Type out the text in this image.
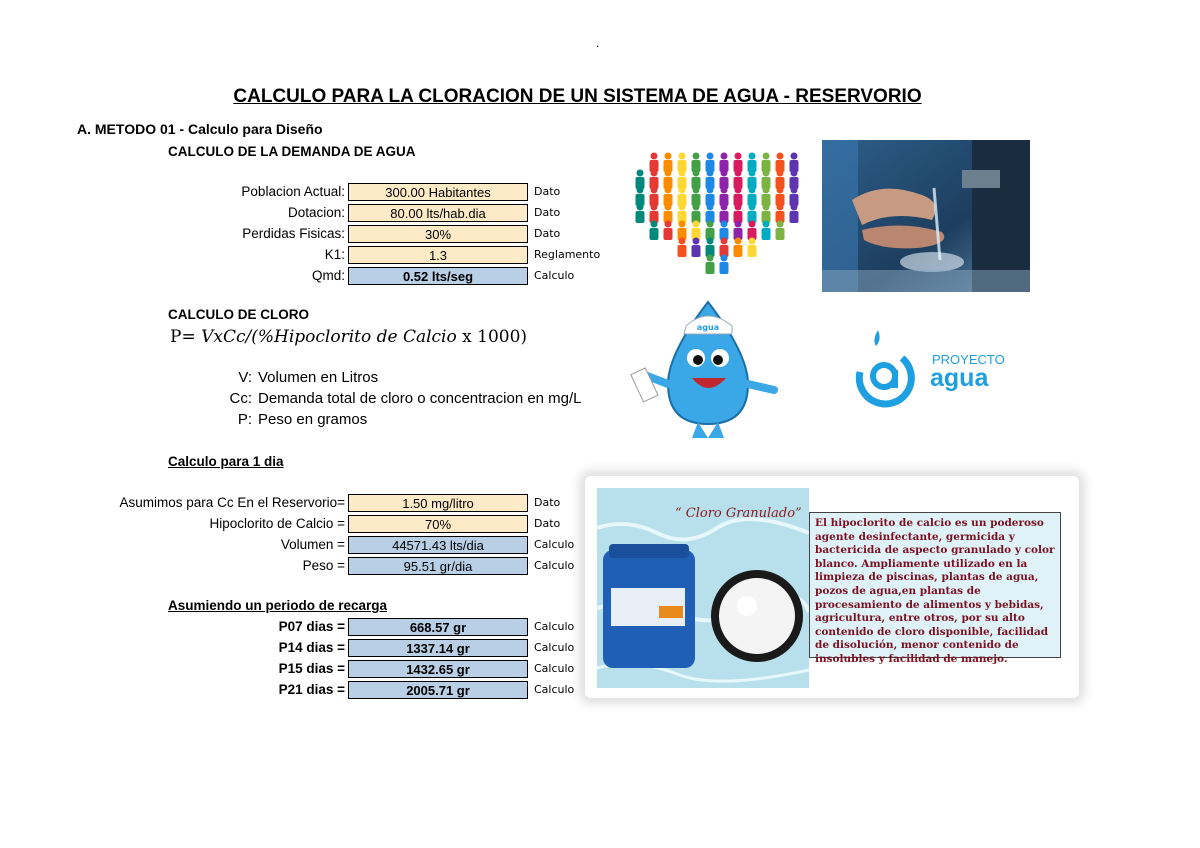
.
CALCULO PARA LA CLORACION DE UN SISTEMA DE AGUA - RESERVORIO
A. METODO 01 - Calculo para Diseño
CALCULO DE LA DEMANDA DE AGUA
Poblacion Actual:	300.00 Habitantes	Dato
Dotacion:	80.00 lts/hab.dia	Dato
Perdidas Fisicas:	30%	Dato
K1:	1.3	Reglamento
Qmd:	0.52 lts/seg	Calculo
CALCULO DE CLORO
P= VxCc/(%Hipoclorito de Calcio x 1000)
V: Volumen en Litros
Cc: Demanda total de cloro o concentracion en mg/L
P: Peso en gramos
Calculo para 1 dia
Asumimos para Cc En el Reservorio=	1.50 mg/litro	Dato
Hipoclorito de Calcio =	70%	Dato
Volumen =	44571.43 lts/dia	Calculo
Peso =	95.51 gr/dia	Calculo
Asumiendo un periodo de recarga
P07 dias =	668.57 gr	Calculo
P14 dias =	1337.14 gr	Calculo
P15 dias =	1432.65 gr	Calculo
P21 dias =	2005.71 gr	Calculo
agua
PROYECTO
agua
“ Cloro Granulado”
El hipoclorito de calcio es un poderoso agente desinfectante, germicida y bactericida de aspecto granulado y color blanco. Ampliamente utilizado en la limpieza de piscinas, plantas de agua, pozos de agua,en plantas de procesamiento de alimentos y bebidas, agricultura, entre otros, por su alto contenido de cloro disponible, facilidad de disolución, menor contenido de insolubles y facilidad de manejo.
